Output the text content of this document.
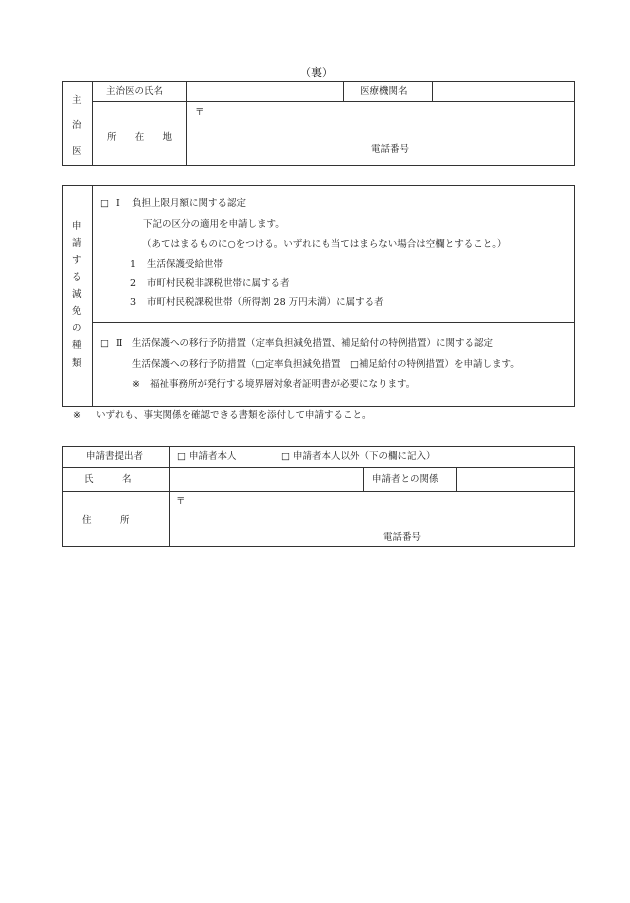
（裏）
主
治
医
主治医の氏名	医療機関名
所 在 地
〒
電話番号
申
請
す
る
減
免
の
種
類
□ Ⅰ 負担上限月額に関する認定
下記の区分の適用を申請します。
（あてはまるものに○をつける。いずれにも当てはまらない場合は空欄とすること。）
1 生活保護受給世帯
2 市町村民税非課税世帯に属する者
3 市町村民税課税世帯（所得割 28 万円未満）に属する者
□ Ⅱ 生活保護への移行予防措置（定率負担減免措置、補足給付の特例措置）に関する認定
生活保護への移行予防措置（□定率負担減免措置　□補足給付の特例措置）を申請します。
※ 福祉事務所が発行する境界層対象者証明書が必要になります。
※ いずれも、事実関係を確認できる書類を添付して申請すること。
申請書提出者	□ 申請者本人	□ 申請者本人以外（下の欄に記入）
氏　　　名	申請者との関係
住　　　所
〒
電話番号
